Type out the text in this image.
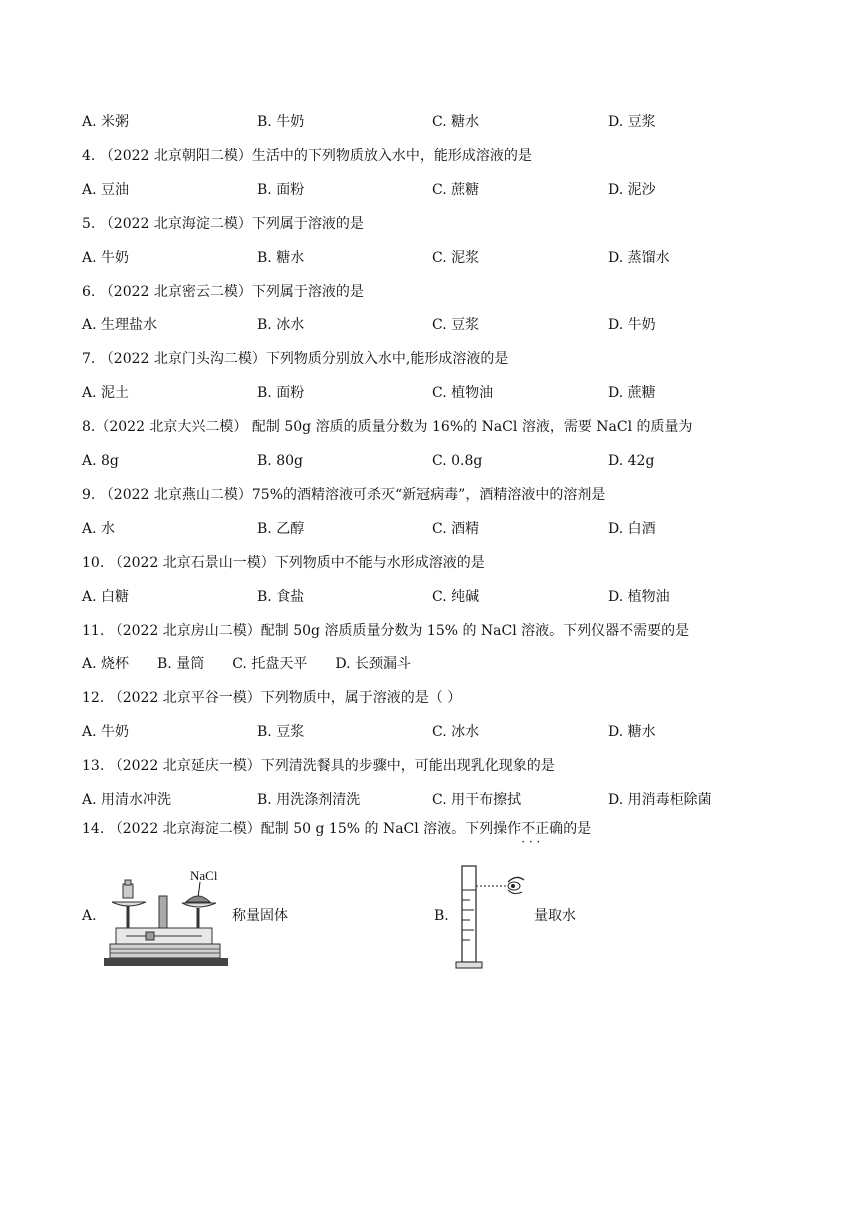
A. 米粥	B. 牛奶	C. 糖水	D. 豆浆
4. （2022 北京朝阳二模）生活中的下列物质放入水中，能形成溶液的是
A. 豆油	B. 面粉	C. 蔗糖	D. 泥沙
5. （2022 北京海淀二模）下列属于溶液的是
A. 牛奶	B. 糖水	C. 泥浆	D. 蒸馏水
6. （2022 北京密云二模）下列属于溶液的是
A. 生理盐水	B. 冰水	C. 豆浆	D. 牛奶
7. （2022 北京门头沟二模）下列物质分别放入水中,能形成溶液的是
A. 泥土	B. 面粉	C. 植物油	D. 蔗糖
8.（2022 北京大兴二模） 配制 50g 溶质的质量分数为 16%的 NaCl 溶液，需要 NaCl 的质量为
A. 8g	B. 80g	C. 0.8g	D. 42g
9. （2022 北京燕山二模）75%的酒精溶液可杀灭“新冠病毒”，酒精溶液中的溶剂是
A. 水	B. 乙醇	C. 酒精	D. 白酒
10. （2022 北京石景山一模）下列物质中不能与水形成溶液的是
A. 白糖	B. 食盐	C. 纯碱	D. 植物油
11. （2022 北京房山二模）配制 50g 溶质质量分数为 15% 的 NaCl 溶液。下列仪器不需要的是
A. 烧杯 B. 量筒 C. 托盘天平 D. 长颈漏斗
12. （2022 北京平谷一模）下列物质中，属于溶液的是（ ）
A. 牛奶	B. 豆浆	C. 冰水	D. 糖水
13. （2022 北京延庆一模）下列清洗餐具的步骤中，可能出现乳化现象的是
A. 用清水冲洗	B. 用洗涤剂清洗	C. 用干布擦拭	D. 用消毒柜除菌
14. （2022 北京海淀二模）配制 50 g 15% 的 NaCl 溶液。下列操作不正确 · · ·的是
A.
NaCl
称量固体	B.	量取水
